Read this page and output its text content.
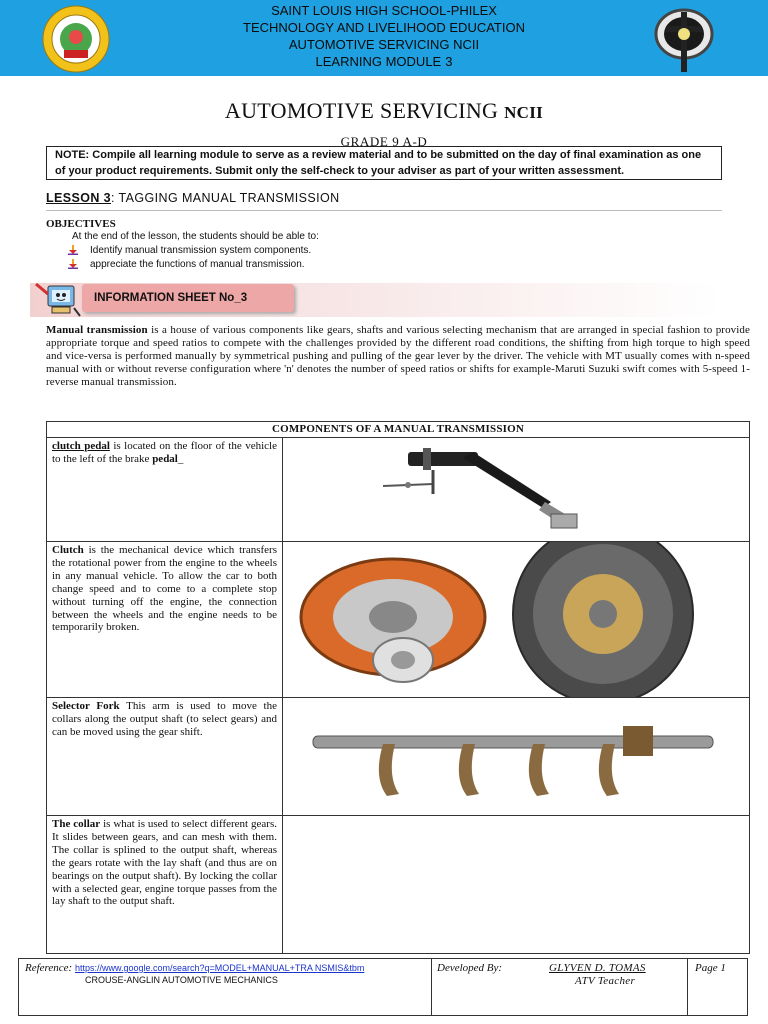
SAINT LOUIS HIGH SCHOOL-PHILEX
TECHNOLOGY AND LIVELIHOOD EDUCATION
AUTOMOTIVE SERVICING NCII
LEARNING MODULE 3
AUTOMOTIVE SERVICING NCII
GRADE 9 A-D
NOTE: Compile all learning module to serve as a review material and to be submitted on the day of final examination as one of your product requirements. Submit only the self-check to your adviser as part of your written assessment.
LESSON 3: TAGGING MANUAL TRANSMISSION
OBJECTIVES
At the end of the lesson, the students should be able to:
Identify manual transmission system components.
appreciate the functions of manual transmission.
INFORMATION SHEET No_3
Manual transmission is a house of various components like gears, shafts and various selecting mechanism that are arranged in special fashion to provide appropriate torque and speed ratios to compete with the challenges provided by the different road conditions, the shifting from high torque to high speed and vice-versa is performed manually by symmetrical pushing and pulling of the gear lever by the driver. The vehicle with MT usually comes with n-speed manual with or without reverse configuration where 'n' denotes the number of speed ratios or shifts for example-Maruti Suzuki swift comes with 5-speed 1-reverse manual transmission.
COMPONENTS OF A MANUAL TRANSMISSION
clutch pedal is located on the floor of the vehicle to the left of the brake pedal_
Clutch is the mechanical device which transfers the rotational power from the engine to the wheels in any manual vehicle. To allow the car to both change speed and to come to a complete stop without turning off the engine, the connection between the wheels and the engine needs to be temporarily broken.
Selector Fork This arm is used to move the collars along the output shaft (to select gears) and can be moved using the gear shift.
The collar is what is used to select different gears. It slides between gears, and can mesh with them. The collar is splined to the output shaft, whereas the gears rotate with the lay shaft (and thus are on bearings on the output shaft). By locking the collar with a selected gear, engine torque passes from the lay shaft to the output shaft.
Reference: https://www.google.com/search?q=MODEL+MANUAL+TRA NSMIS&tbm
CROUSE-ANGLIN AUTOMOTIVE MECHANICS
Developed By:	GLYVEN D. TOMAS
ATV Teacher
Page 1
